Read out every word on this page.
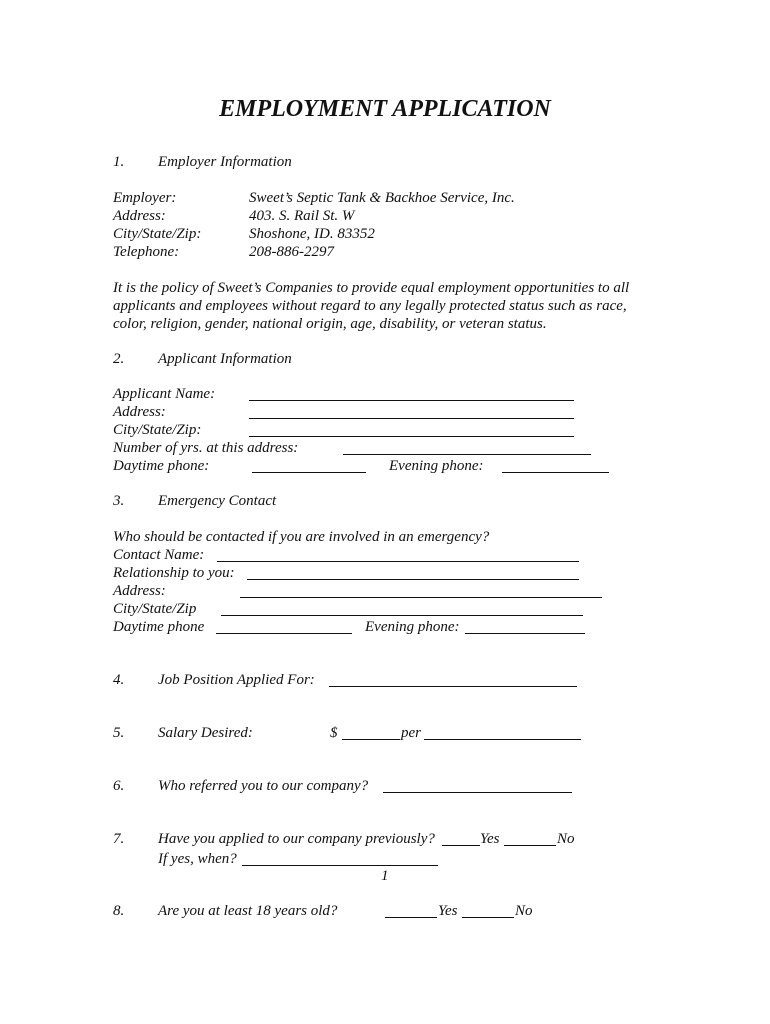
EMPLOYMENT APPLICATION
1. Employer Information
Employer:	Sweet’s Septic Tank & Backhoe Service, Inc.
Address:	403. S. Rail St. W
City/State/Zip:	Shoshone, ID. 83352
Telephone:	208-886-2297
It is the policy of Sweet’s Companies to provide equal employment opportunities to all applicants and employees without regard to any legally protected status such as race, color, religion, gender, national origin, age, disability, or veteran status.
2. Applicant Information
Applicant Name:
Address:
City/State/Zip:
Number of yrs. at this address:
Daytime phone:	Evening phone:
3. Emergency Contact
Who should be contacted if you are involved in an emergency?
Contact Name:
Relationship to you:
Address:
City/State/Zip
Daytime phone	Evening phone:
4. Job Position Applied For:
5. Salary Desired:	$	per
6. Who referred you to our company?
7. Have you applied to our company previously?	Yes	No
If yes, when?
1
8. Are you at least 18 years old?	Yes	No
